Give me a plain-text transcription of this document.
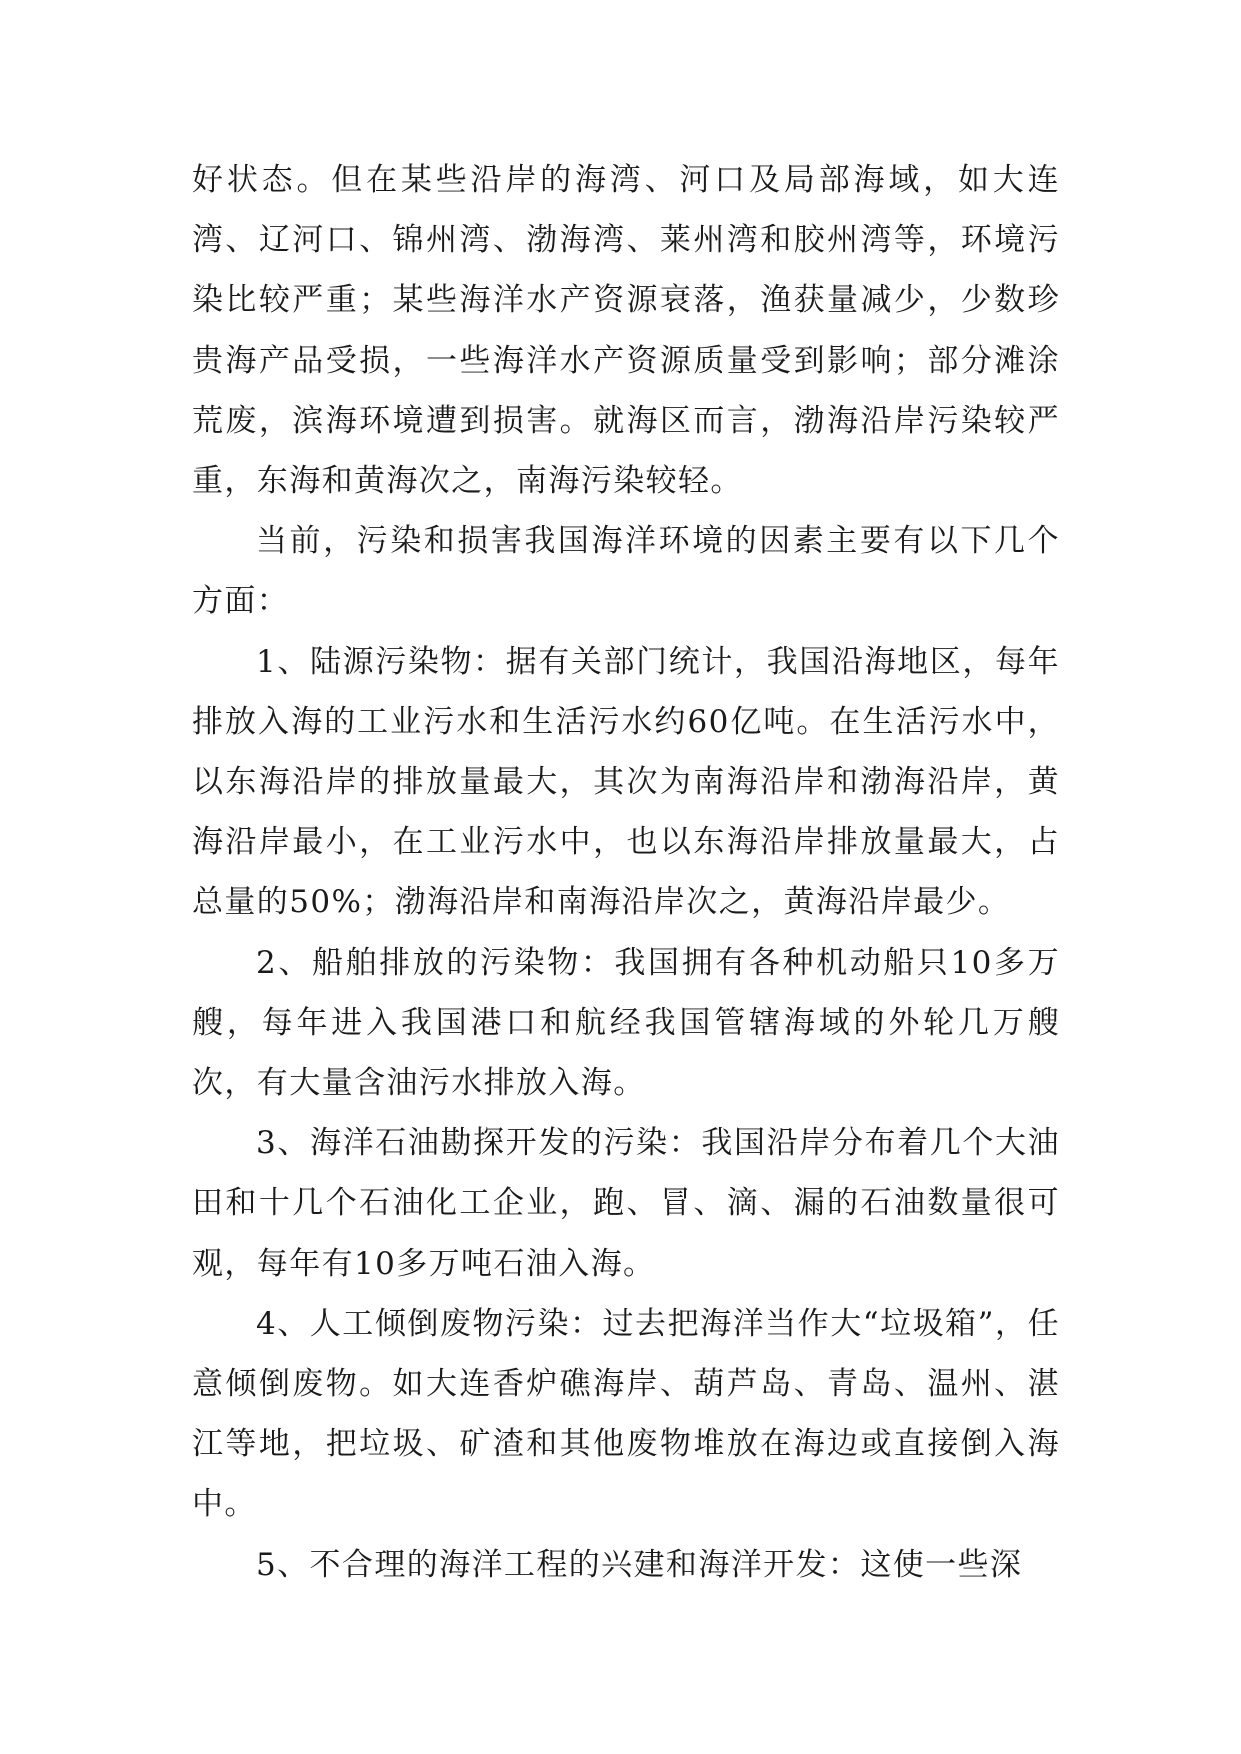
好状态。但在某些沿岸的海湾、河口及局部海域，如大连湾、辽河口、锦州湾、渤海湾、莱州湾和胶州湾等，环境污染比较严重；某些海洋水产资源衰落，渔获量减少，少数珍贵海产品受损，一些海洋水产资源质量受到影响；部分滩涂荒废，滨海环境遭到损害。就海区而言，渤海沿岸污染较严重，东海和黄海次之，南海污染较轻。

当前，污染和损害我国海洋环境的因素主要有以下几个方面：

1、陆源污染物：据有关部门统计，我国沿海地区，每年排放入海的工业污水和生活污水约60亿吨。在生活污水中，以东海沿岸的排放量最大，其次为南海沿岸和渤海沿岸，黄海沿岸最小，在工业污水中，也以东海沿岸排放量最大，占总量的50%；渤海沿岸和南海沿岸次之，黄海沿岸最少。

2、船舶排放的污染物：我国拥有各种机动船只10多万艘，每年进入我国港口和航经我国管辖海域的外轮几万艘次，有大量含油污水排放入海。

3、海洋石油勘探开发的污染：我国沿岸分布着几个大油田和十几个石油化工企业，跑、冒、滴、漏的石油数量很可观，每年有10多万吨石油入海。

4、人工倾倒废物污染：过去把海洋当作大“垃圾箱”，任意倾倒废物。如大连香炉礁海岸、葫芦岛、青岛、温州、湛江等地，把垃圾、矿渣和其他废物堆放在海边或直接倒入海中。

5、不合理的海洋工程的兴建和海洋开发：这使一些深
